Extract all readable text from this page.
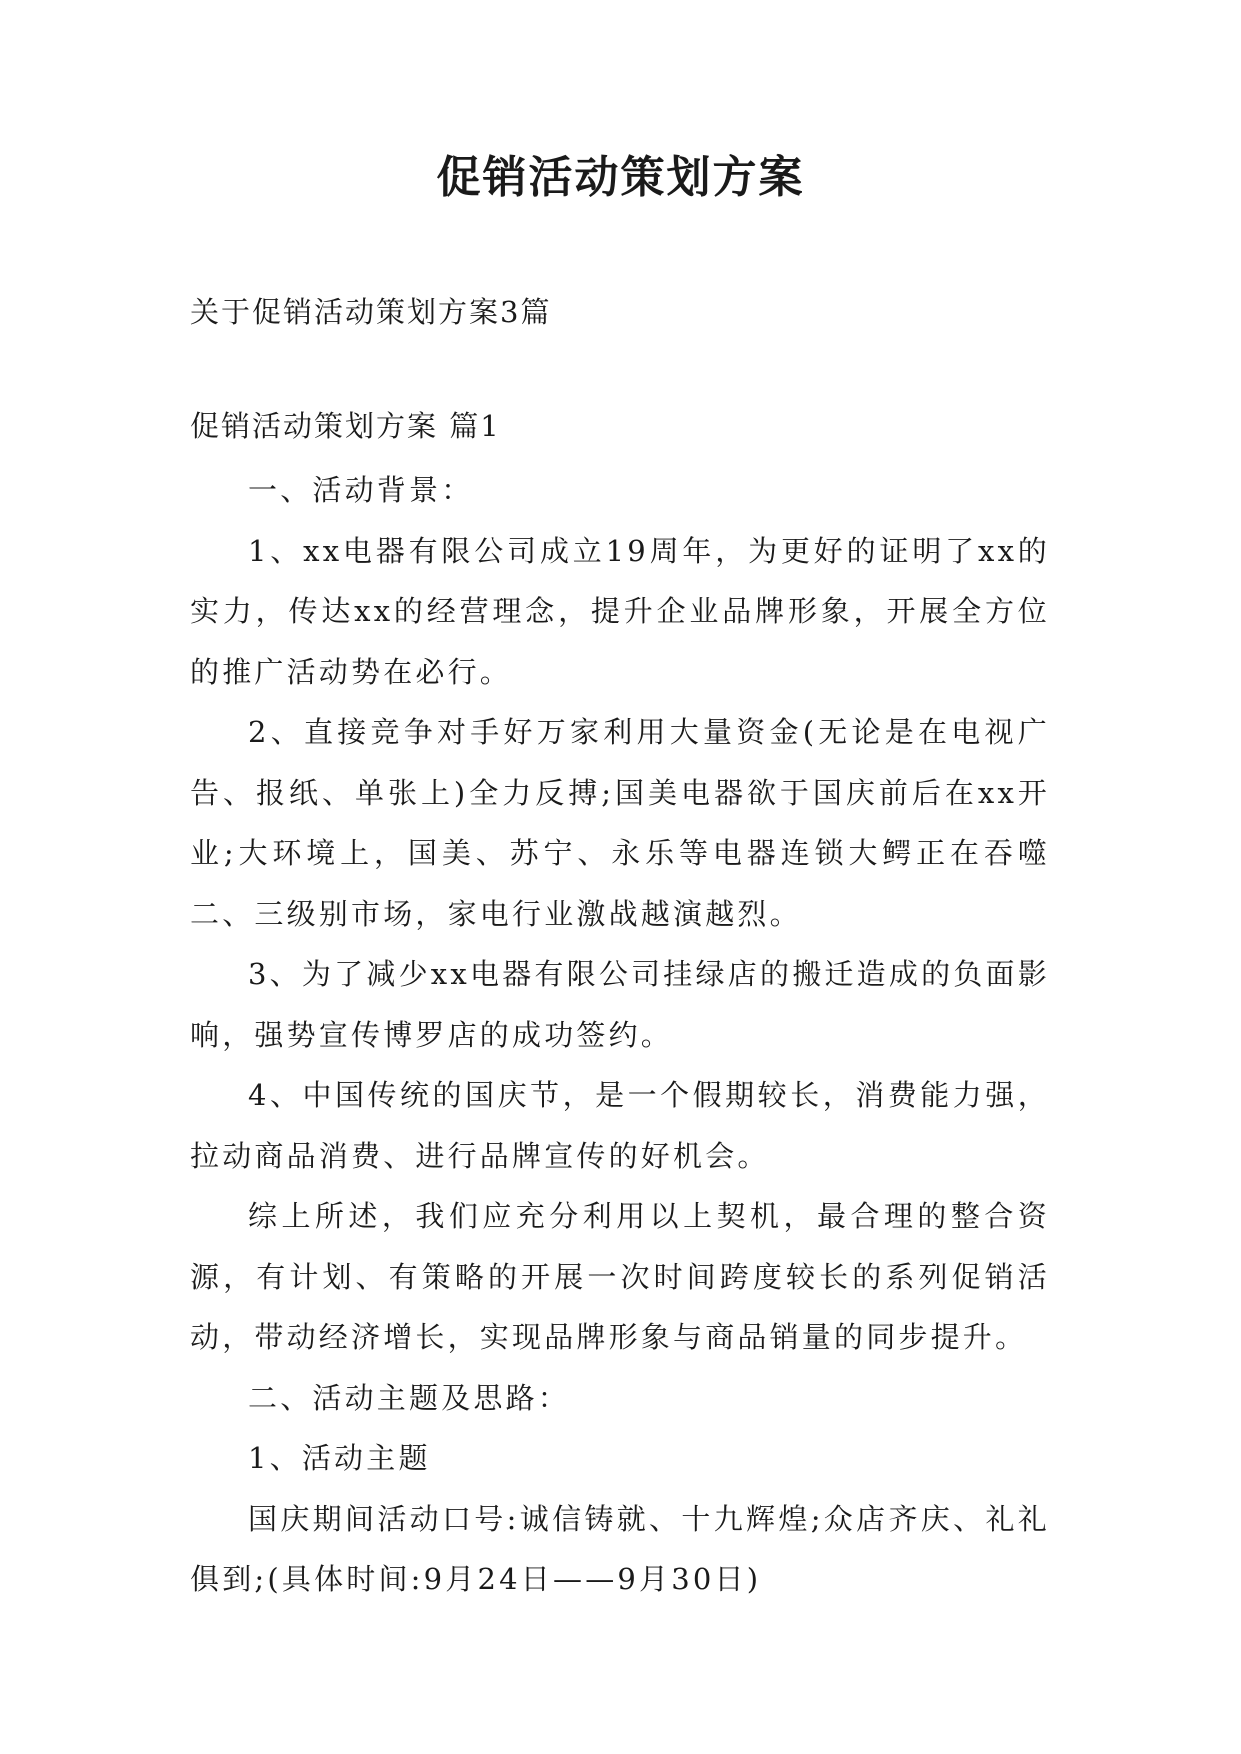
促销活动策划方案
关于促销活动策划方案3篇
促销活动策划方案 篇1

一、活动背景：

1、xx电器有限公司成立19周年，为更好的证明了xx的实力，传达xx的经营理念，提升企业品牌形象，开展全方位的推广活动势在必行。

2、直接竞争对手好万家利用大量资金(无论是在电视广告、报纸、单张上)全力反搏;国美电器欲于国庆前后在xx开业;大环境上，国美、苏宁、永乐等电器连锁大鳄正在吞噬二、三级别市场，家电行业激战越演越烈。

3、为了减少xx电器有限公司挂绿店的搬迁造成的负面影响，强势宣传博罗店的成功签约。

4、中国传统的国庆节，是一个假期较长，消费能力强，拉动商品消费、进行品牌宣传的好机会。

综上所述，我们应充分利用以上契机，最合理的整合资源，有计划、有策略的开展一次时间跨度较长的系列促销活动，带动经济增长，实现品牌形象与商品销量的同步提升。

二、活动主题及思路：

1、活动主题

国庆期间活动口号:诚信铸就、十九辉煌;众店齐庆、礼礼俱到;(具体时间:9月24日——9月30日)
